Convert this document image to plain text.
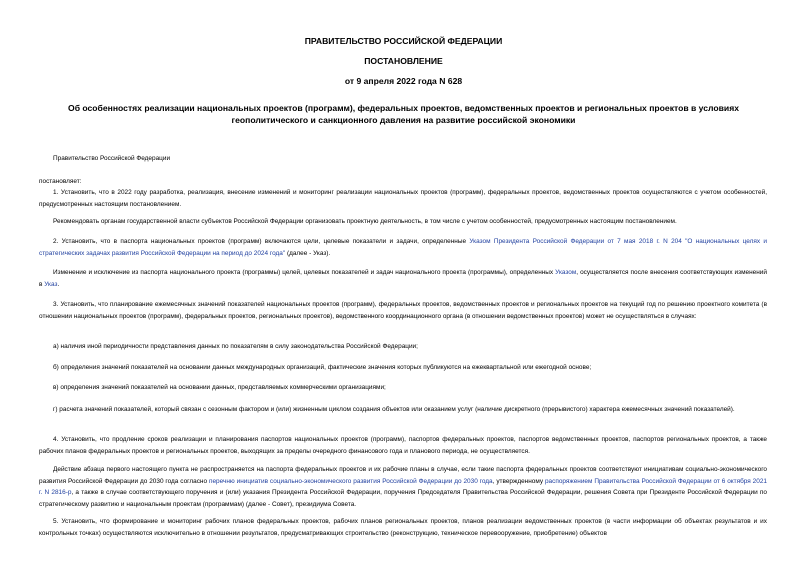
ПРАВИТЕЛЬСТВО РОССИЙСКОЙ ФЕДЕРАЦИИ
ПОСТАНОВЛЕНИЕ
от 9 апреля 2022 года N 628
Об особенностях реализации национальных проектов (программ), федеральных проектов, ведомственных проектов и региональных проектов в условиях геополитического и санкционного давления на развитие российской экономики
Правительство Российской Федерации
постановляет:
1. Установить, что в 2022 году разработка, реализация, внесение изменений и мониторинг реализации национальных проектов (программ), федеральных проектов, ведомственных проектов осуществляются с учетом особенностей, предусмотренных настоящим постановлением.
Рекомендовать органам государственной власти субъектов Российской Федерации организовать проектную деятельность, в том числе с учетом особенностей, предусмотренных настоящим постановлением.
2. Установить, что в паспорта национальных проектов (программ) включаются цели, целевые показатели и задачи, определенные Указом Президента Российской Федерации от 7 мая 2018 г. N 204 "О национальных целях и стратегических задачах развития Российской Федерации на период до 2024 года" (далее - Указ).
Изменение и исключение из паспорта национального проекта (программы) целей, целевых показателей и задач национального проекта (программы), определенных Указом, осуществляется после внесения соответствующих изменений в Указ.
3. Установить, что планирование ежемесячных значений показателей национальных проектов (программ), федеральных проектов, ведомственных проектов и региональных проектов на текущий год по решению проектного комитета (в отношении национальных проектов (программ), федеральных проектов, региональных проектов), ведомственного координационного органа (в отношении ведомственных проектов) может не осуществляться в случаях:
а) наличия иной периодичности представления данных по показателям в силу законодательства Российской Федерации;
б) определения значений показателей на основании данных международных организаций, фактические значения которых публикуются на ежеквартальной или ежегодной основе;
в) определения значений показателей на основании данных, представляемых коммерческими организациями;
г) расчета значений показателей, который связан с сезонным фактором и (или) жизненным циклом создания объектов или оказанием услуг (наличие дискретного (прерывистого) характера ежемесячных значений показателей).
4. Установить, что продление сроков реализации и планирования паспортов национальных проектов (программ), паспортов федеральных проектов, паспортов ведомственных проектов, паспортов региональных проектов, а также рабочих планов федеральных проектов и региональных проектов, выходящих за пределы очередного финансового года и планового периода, не осуществляется.
Действие абзаца первого настоящего пункта не распространяется на паспорта федеральных проектов и их рабочие планы в случае, если такие паспорта федеральных проектов соответствуют инициативам социально-экономического развития Российской Федерации до 2030 года согласно перечню инициатив социально-экономического развития Российской Федерации до 2030 года, утвержденному распоряжением Правительства Российской Федерации от 6 октября 2021 г. N 2816-р, а также в случае соответствующего поручения и (или) указания Президента Российской Федерации, поручения Председателя Правительства Российской Федерации, решения Совета при Президенте Российской Федерации по стратегическому развитию и национальным проектам (программам) (далее - Совет), президиума Совета.
5. Установить, что формирование и мониторинг рабочих планов федеральных проектов, рабочих планов региональных проектов, планов реализации ведомственных проектов (в части информации об объектах результатов и их контрольных точках) осуществляются исключительно в отношении результатов, предусматривающих строительство (реконструкцию, техническое перевооружение, приобретение) объектов
